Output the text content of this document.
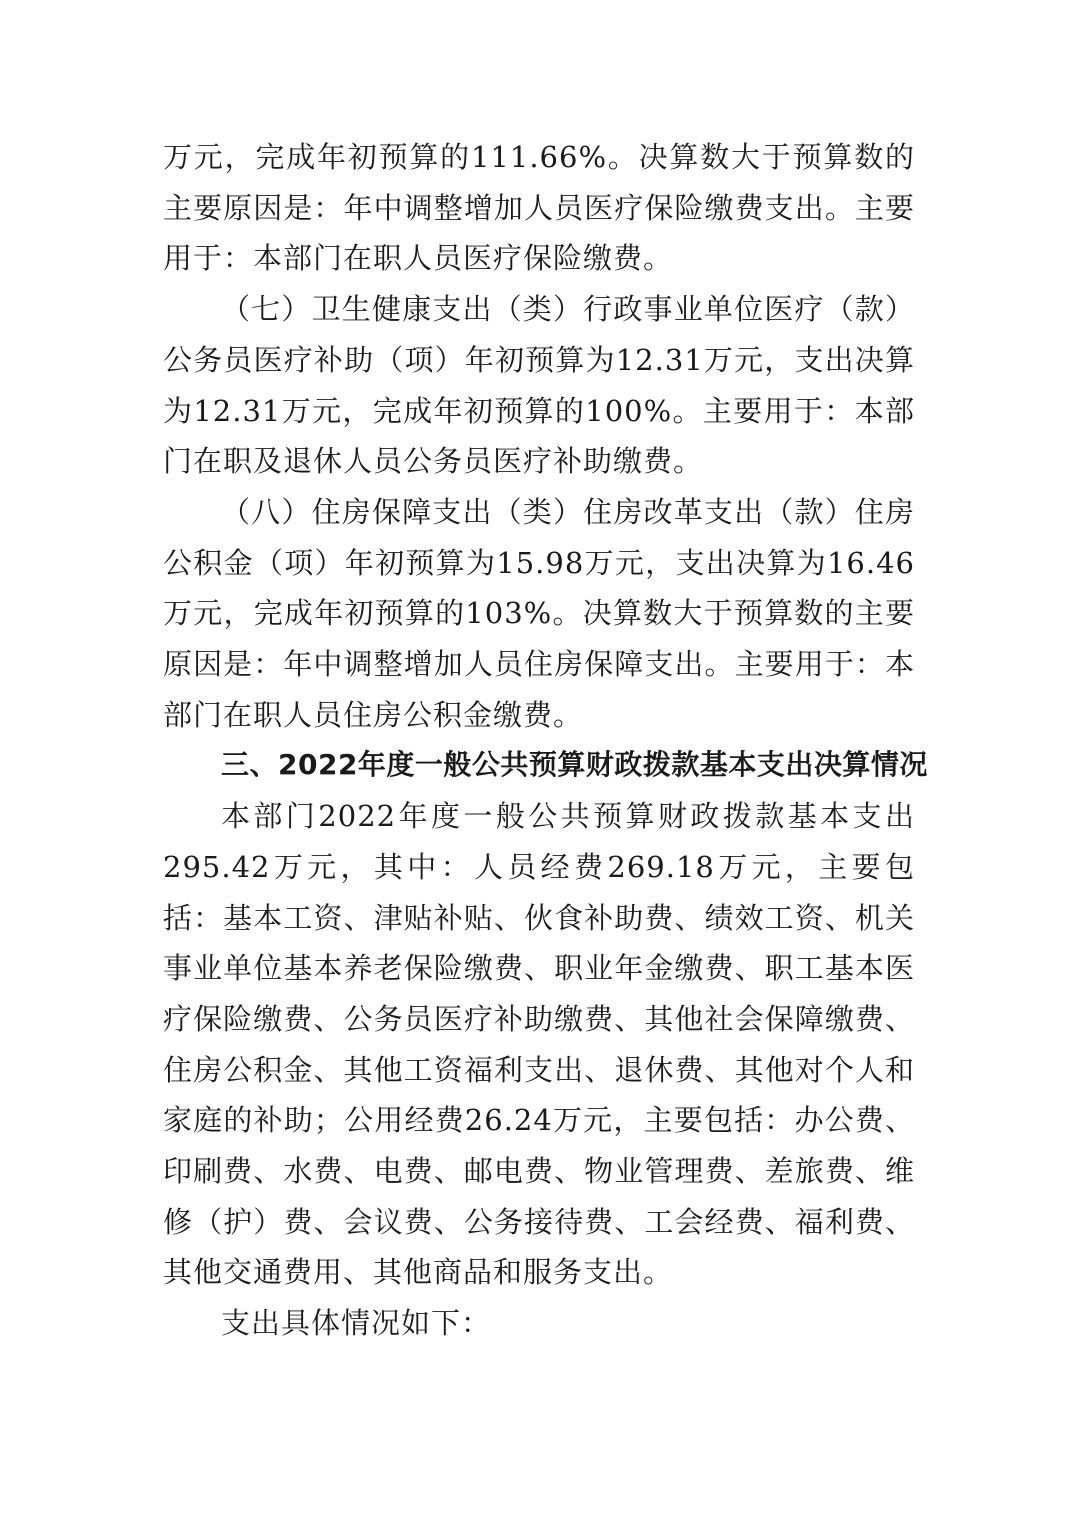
万元，完成年初预算的111.66%。决算数大于预算数的主要原因是：年中调整增加人员医疗保险缴费支出。主要用于：本部门在职人员医疗保险缴费。

（七）卫生健康支出（类）行政事业单位医疗（款）公务员医疗补助（项）年初预算为12.31万元，支出决算为12.31万元，完成年初预算的100%。主要用于：本部门在职及退休人员公务员医疗补助缴费。

（八）住房保障支出（类）住房改革支出（款）住房公积金（项）年初预算为15.98万元，支出决算为16.46万元，完成年初预算的103%。决算数大于预算数的主要原因是：年中调整增加人员住房保障支出。主要用于：本部门在职人员住房公积金缴费。

三、2022年度一般公共预算财政拨款基本支出决算情况

本部门2022年度一般公共预算财政拨款基本支出295.42万元，其中：人员经费269.18万元，主要包括：基本工资、津贴补贴、伙食补助费、绩效工资、机关事业单位基本养老保险缴费、职业年金缴费、职工基本医疗保险缴费、公务员医疗补助缴费、其他社会保障缴费、住房公积金、其他工资福利支出、退休费、其他对个人和家庭的补助；公用经费26.24万元，主要包括：办公费、印刷费、水费、电费、邮电费、物业管理费、差旅费、维修（护）费、会议费、公务接待费、工会经费、福利费、其他交通费用、其他商品和服务支出。

支出具体情况如下：
